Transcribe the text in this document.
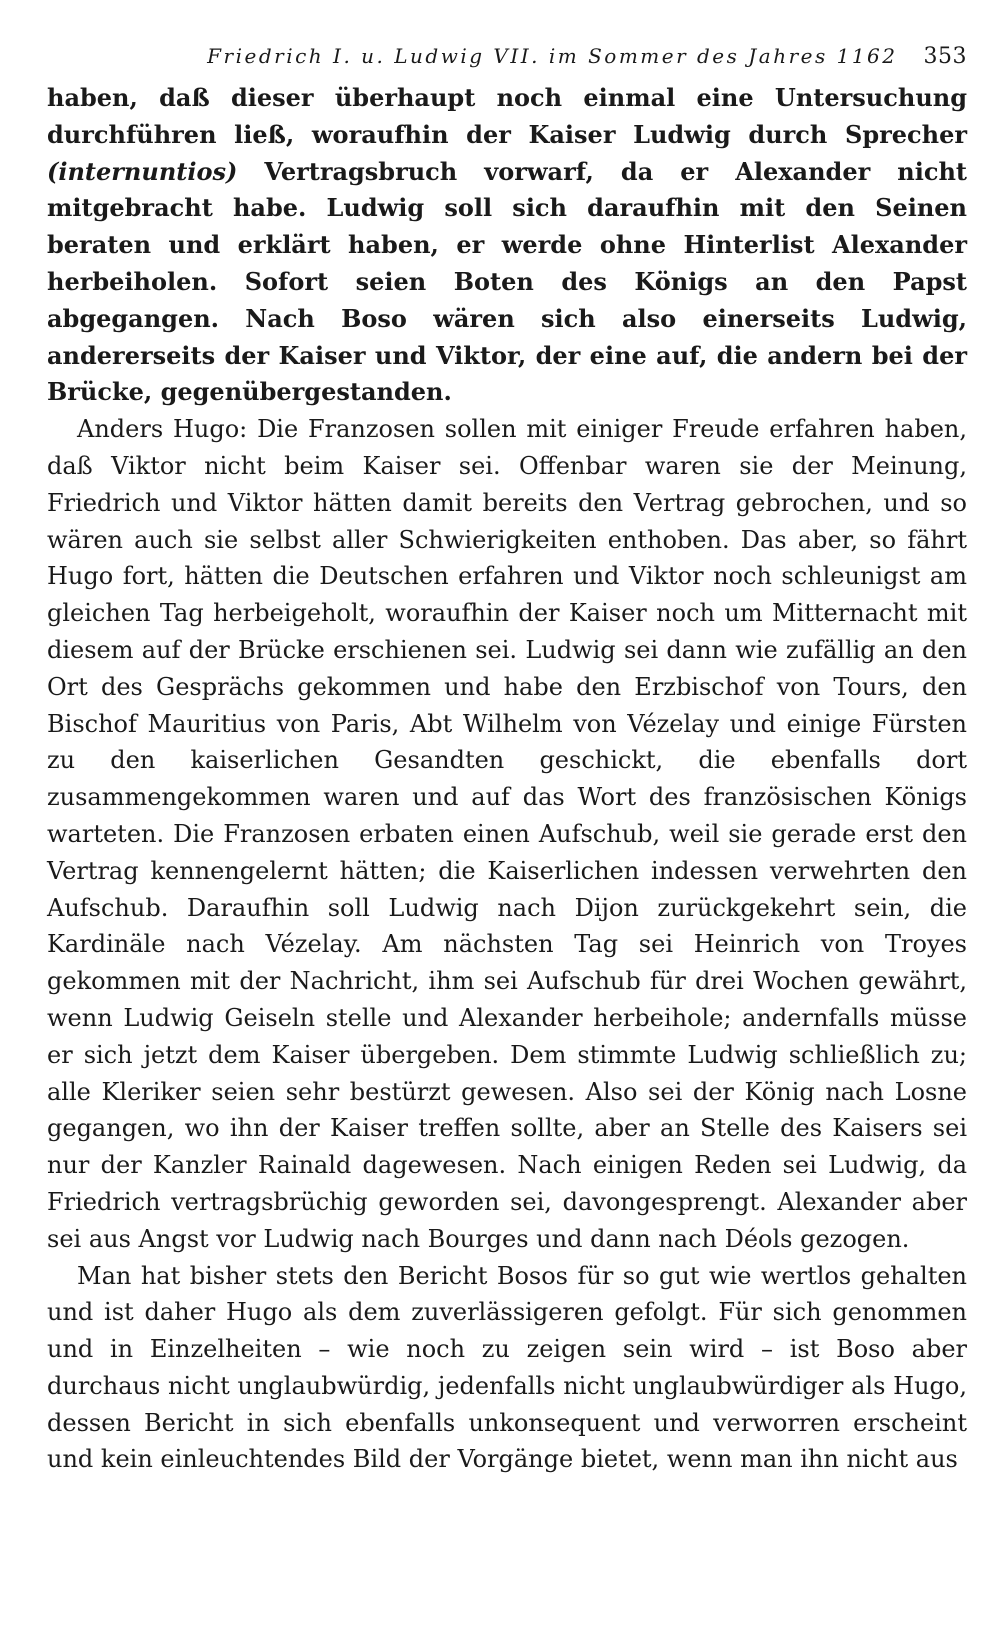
Friedrich I. u. Ludwig VII. im Sommer des Jahres 1162 353

haben, daß dieser überhaupt noch einmal eine Untersuchung durchführen ließ, woraufhin der Kaiser Ludwig durch Sprecher (internuntios) Vertragsbruch vorwarf, da er Alexander nicht mitgebracht habe. Ludwig soll sich daraufhin mit den Seinen beraten und erklärt haben, er werde ohne Hinterlist Alexander herbeiholen. Sofort seien Boten des Königs an den Papst abgegangen. Nach Boso wären sich also einerseits Ludwig, andererseits der Kaiser und Viktor, der eine auf, die andern bei der Brücke, gegenübergestanden.

Anders Hugo: Die Franzosen sollen mit einiger Freude erfahren haben, daß Viktor nicht beim Kaiser sei. Offenbar waren sie der Meinung, Friedrich und Viktor hätten damit bereits den Vertrag gebrochen, und so wären auch sie selbst aller Schwierigkeiten enthoben. Das aber, so fährt Hugo fort, hätten die Deutschen erfahren und Viktor noch schleunigst am gleichen Tag herbeigeholt, woraufhin der Kaiser noch um Mitternacht mit diesem auf der Brücke erschienen sei. Ludwig sei dann wie zufällig an den Ort des Gesprächs gekommen und habe den Erzbischof von Tours, den Bischof Mauritius von Paris, Abt Wilhelm von Vézelay und einige Fürsten zu den kaiserlichen Gesandten geschickt, die ebenfalls dort zusammengekommen waren und auf das Wort des französischen Königs warteten. Die Franzosen erbaten einen Aufschub, weil sie gerade erst den Vertrag kennengelernt hätten; die Kaiserlichen indessen verwehrten den Aufschub. Daraufhin soll Ludwig nach Dijon zurückgekehrt sein, die Kardinäle nach Vézelay. Am nächsten Tag sei Heinrich von Troyes gekommen mit der Nachricht, ihm sei Aufschub für drei Wochen gewährt, wenn Ludwig Geiseln stelle und Alexander herbeihole; andernfalls müsse er sich jetzt dem Kaiser übergeben. Dem stimmte Ludwig schließlich zu; alle Kleriker seien sehr bestürzt gewesen. Also sei der König nach Losne gegangen, wo ihn der Kaiser treffen sollte, aber an Stelle des Kaisers sei nur der Kanzler Rainald dagewesen. Nach einigen Reden sei Ludwig, da Friedrich vertragsbrüchig geworden sei, davongesprengt. Alexander aber sei aus Angst vor Ludwig nach Bourges und dann nach Déols gezogen.

Man hat bisher stets den Bericht Bosos für so gut wie wertlos gehalten und ist daher Hugo als dem zuverlässigeren gefolgt. Für sich genommen und in Einzelheiten – wie noch zu zeigen sein wird – ist Boso aber durchaus nicht unglaubwürdig, jedenfalls nicht unglaubwürdiger als Hugo, dessen Bericht in sich ebenfalls unkonsequent und verworren erscheint und kein einleuchtendes Bild der Vorgänge bietet, wenn man ihn nicht aus
